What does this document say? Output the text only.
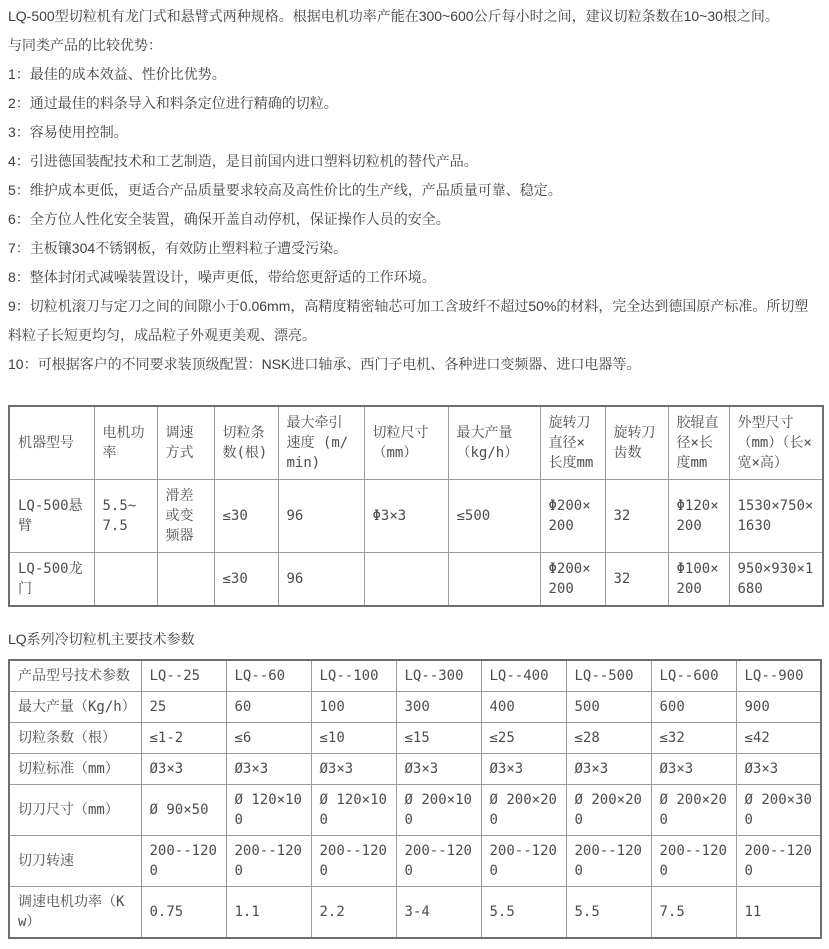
LQ-500型切粒机有龙门式和悬臂式两种规格。根据电机功率产能在300~600公斤每小时之间，建议切粒条数在10~30根之间。

与同类产品的比较优势：

1：最佳的成本效益、性价比优势。

2：通过最佳的料条导入和料条定位进行精确的切粒。

3：容易使用控制。

4：引进德国装配技术和工艺制造，是目前国内进口塑料切粒机的替代产品。

5：维护成本更低，更适合产品质量要求较高及高性价比的生产线，产品质量可靠、稳定。

6：全方位人性化安全装置，确保开盖自动停机，保证操作人员的安全。

7：主板镶304不锈钢板，有效防止塑料粒子遭受污染。

8：整体封闭式减噪装置设计，噪声更低，带给您更舒适的工作环境。

9：切粒机滚刀与定刀之间的间隙小于0.06mm，高精度精密轴芯可加工含玻纤不超过50%的材料，完全达到德国原产标准。所切塑料粒子长短更均匀，成品粒子外观更美观、漂亮。

10：可根据客户的不同要求装顶级配置：NSK进口轴承、西门子电机、各种进口变频器、进口电器等。

机器型号	电机功率	调速方式	切粒条数(根)	最大牵引速度 (m/min)	切粒尺寸（mm）	最大产量（kg/h）	旋转刀直径×长度mm	旋转刀齿数	胶辊直径×长度mm	外型尺寸（mm）（长×宽×高）
LQ-500悬臂	5.5~7.5	滑差或变频器	≤30	96	Φ3×3	≤500	Φ200×200	32	Φ120×200	1530×750×1630
LQ-500龙门			≤30	96			Φ200×200	32	Φ100×200	950×930×1680

LQ系列冷切粒机主要技术参数

产品型号技术参数	LQ--25	LQ--60	LQ--100	LQ--300	LQ--400	LQ--500	LQ--600	LQ--900
最大产量（Kg/h）	25	60	100	300	400	500	600	900
切粒条数（根）	≤1-2	≤6	≤10	≤15	≤25	≤28	≤32	≤42
切粒标准（mm）	Ø3×3	Ø3×3	Ø3×3	Ø3×3	Ø3×3	Ø3×3	Ø3×3	Ø3×3
切刀尺寸（mm）	Ø 90×50	Ø 120×100	Ø 120×100	Ø 200×100	Ø 200×200	Ø 200×200	Ø 200×200	Ø 200×300
切刀转速	200--1200	200--1200	200--1200	200--1200	200--1200	200--1200	200--1200	200--1200
调速电机功率（Kw）	0.75	1.1	2.2	3-4	5.5	5.5	7.5	11
